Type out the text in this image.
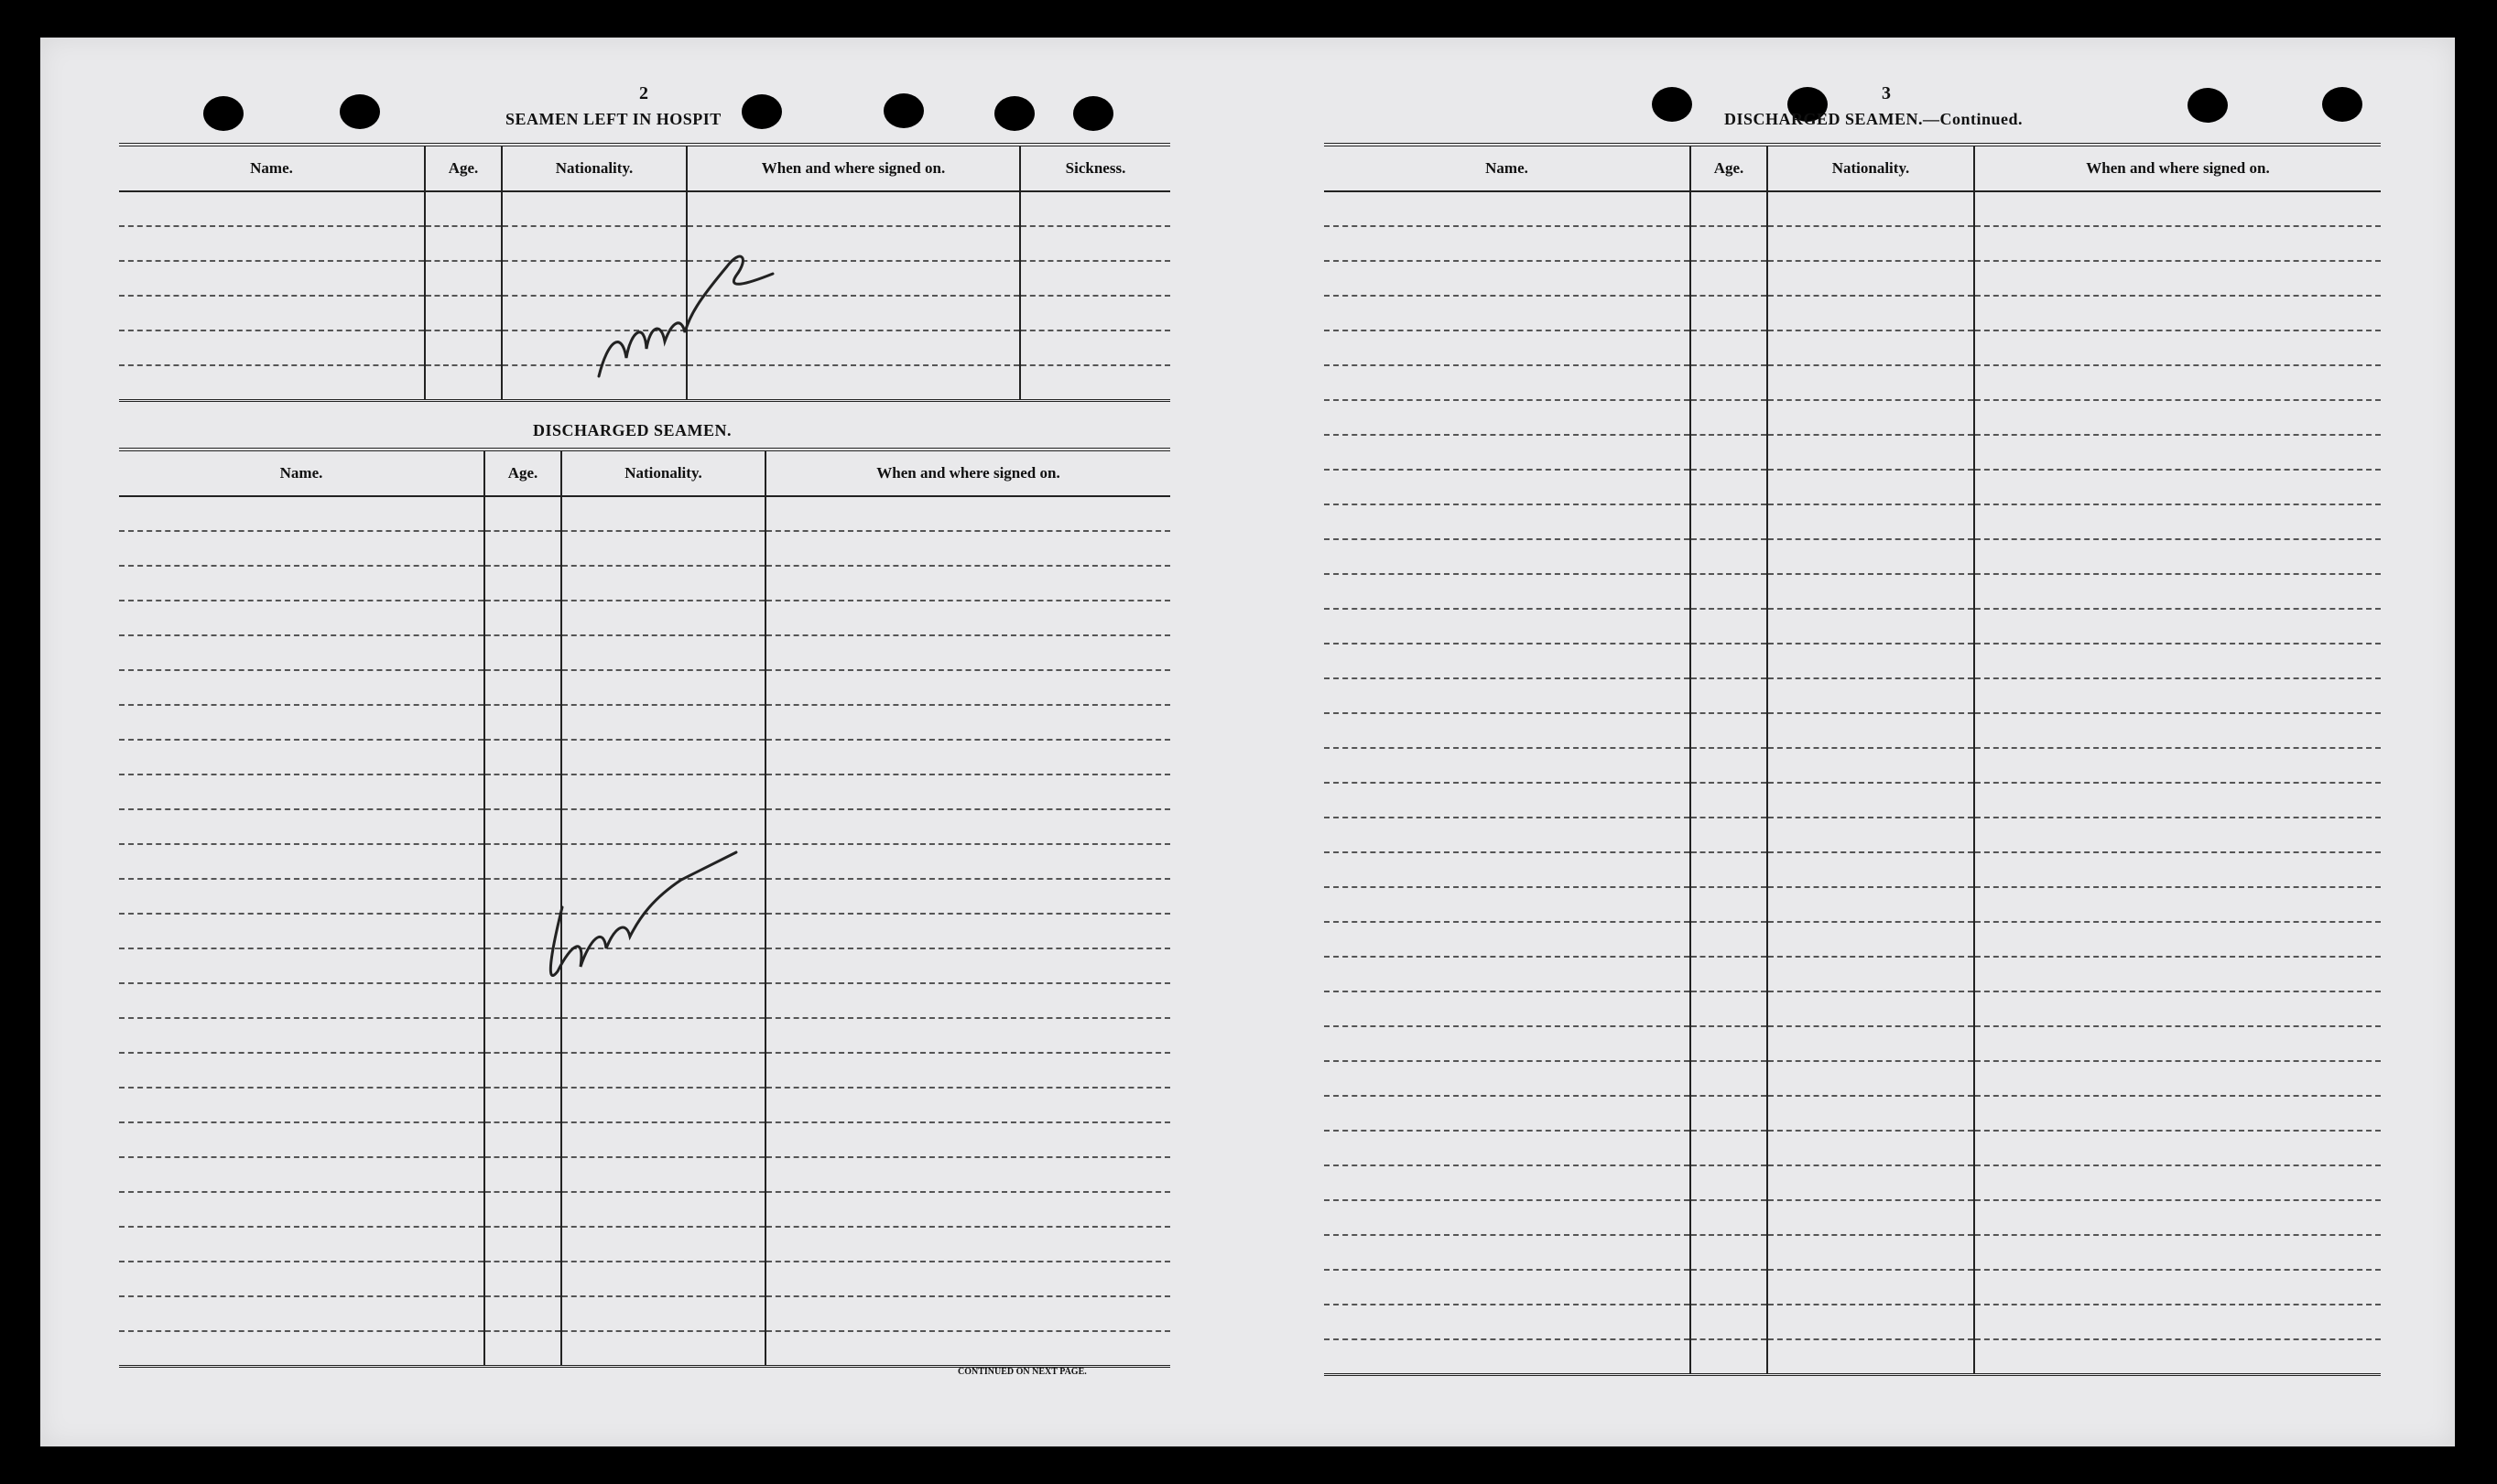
2
SEAMEN LEFT IN HOSPIT
Name.	Age.	Nationality.	When and where signed on.	Sickness.

DISCHARGED SEAMEN.
Name.	Age.	Nationality.	When and where signed on.

CONTINUED ON NEXT PAGE.
3
DISCHARGED SEAMEN.—Continued.
Name.	Age.	Nationality.	When and where signed on.
